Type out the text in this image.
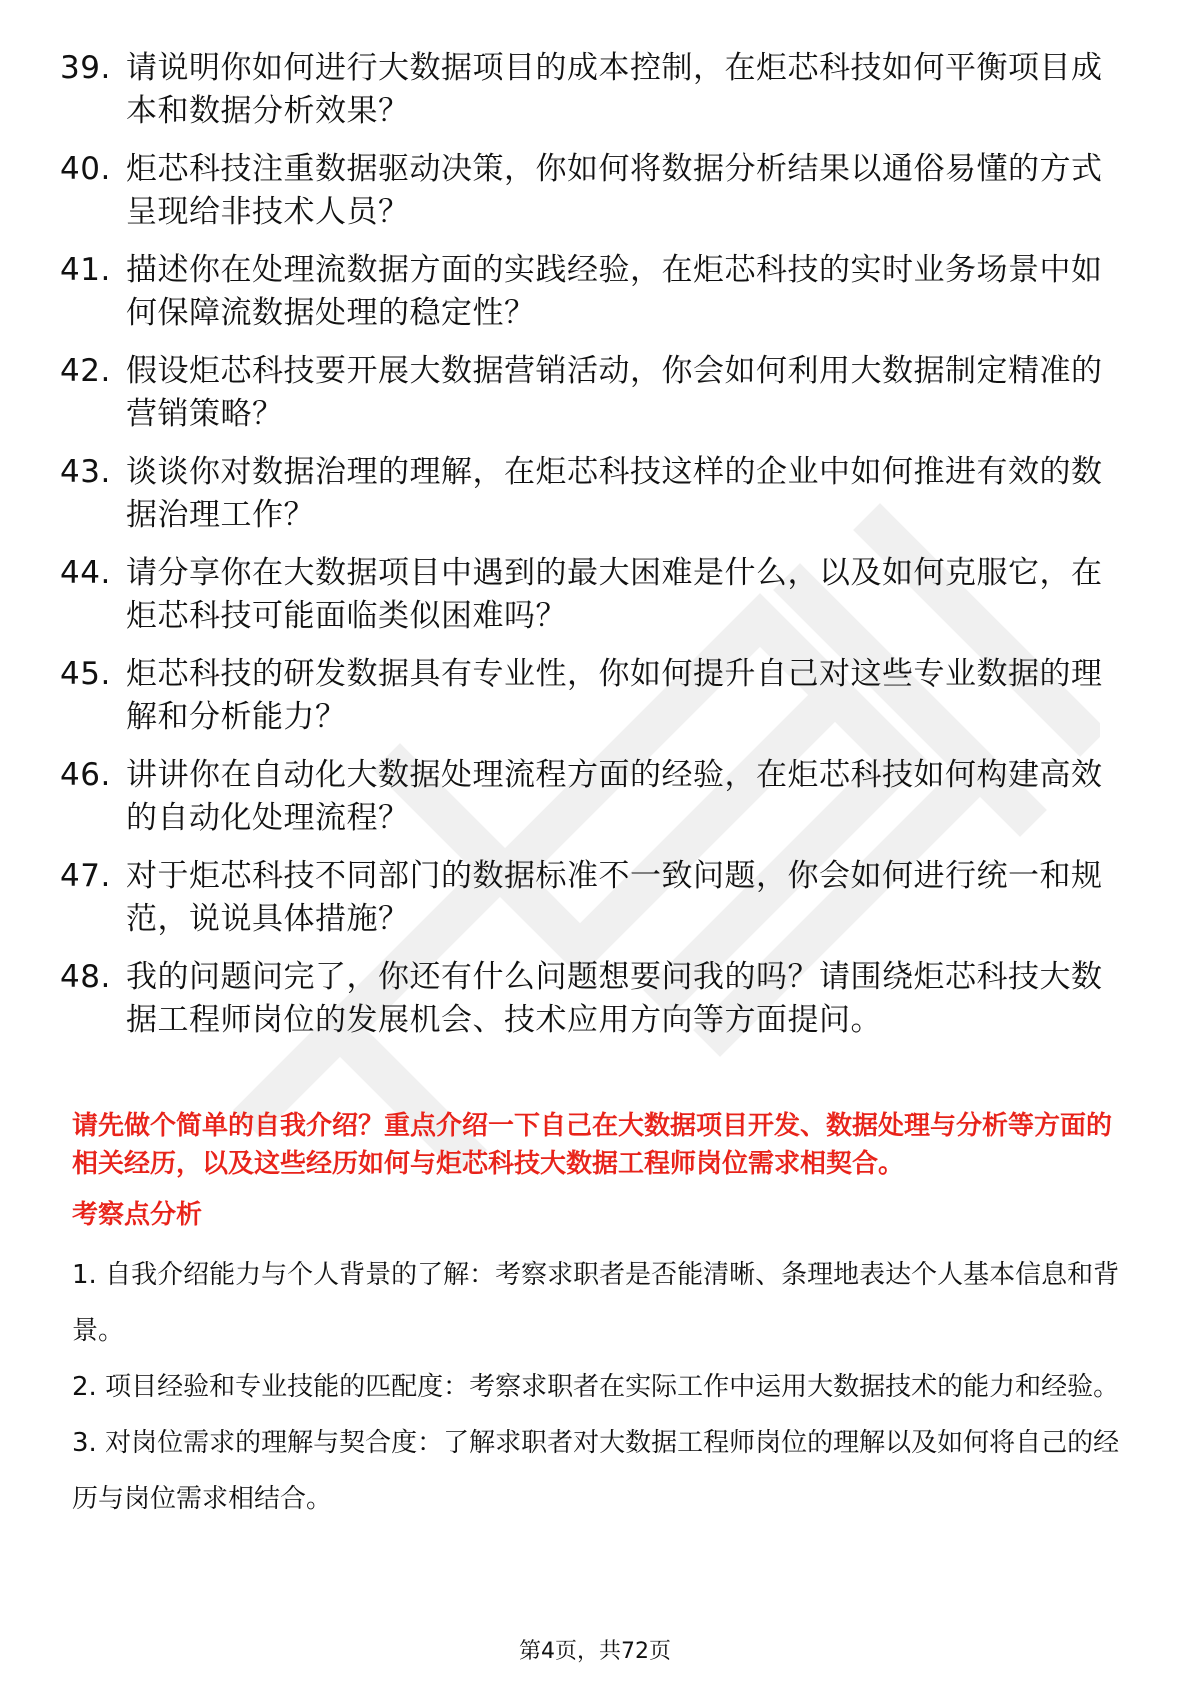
39. 请说明你如何进行大数据项目的成本控制，在炬芯科技如何平衡项目成本和数据分析效果？
40. 炬芯科技注重数据驱动决策，你如何将数据分析结果以通俗易懂的方式呈现给非技术人员？
41. 描述你在处理流数据方面的实践经验，在炬芯科技的实时业务场景中如何保障流数据处理的稳定性？
42. 假设炬芯科技要开展大数据营销活动，你会如何利用大数据制定精准的营销策略？
43. 谈谈你对数据治理的理解，在炬芯科技这样的企业中如何推进有效的数据治理工作？
44. 请分享你在大数据项目中遇到的最大困难是什么，以及如何克服它，在炬芯科技可能面临类似困难吗？
45. 炬芯科技的研发数据具有专业性，你如何提升自己对这些专业数据的理解和分析能力？
46. 讲讲你在自动化大数据处理流程方面的经验，在炬芯科技如何构建高效的自动化处理流程？
47. 对于炬芯科技不同部门的数据标准不一致问题，你会如何进行统一和规范，说说具体措施？
48. 我的问题问完了，你还有什么问题想要问我的吗？请围绕炬芯科技大数据工程师岗位的发展机会、技术应用方向等方面提问。

请先做个简单的自我介绍？重点介绍一下自己在大数据项目开发、数据处理与分析等方面的相关经历，以及这些经历如何与炬芯科技大数据工程师岗位需求相契合。

考察点分析
1. 自我介绍能力与个人背景的了解：考察求职者是否能清晰、条理地表达个人基本信息和背景。
2. 项目经验和专业技能的匹配度：考察求职者在实际工作中运用大数据技术的能力和经验。
3. 对岗位需求的理解与契合度：了解求职者对大数据工程师岗位的理解以及如何将自己的经历与岗位需求相结合。
第4页，共72页
